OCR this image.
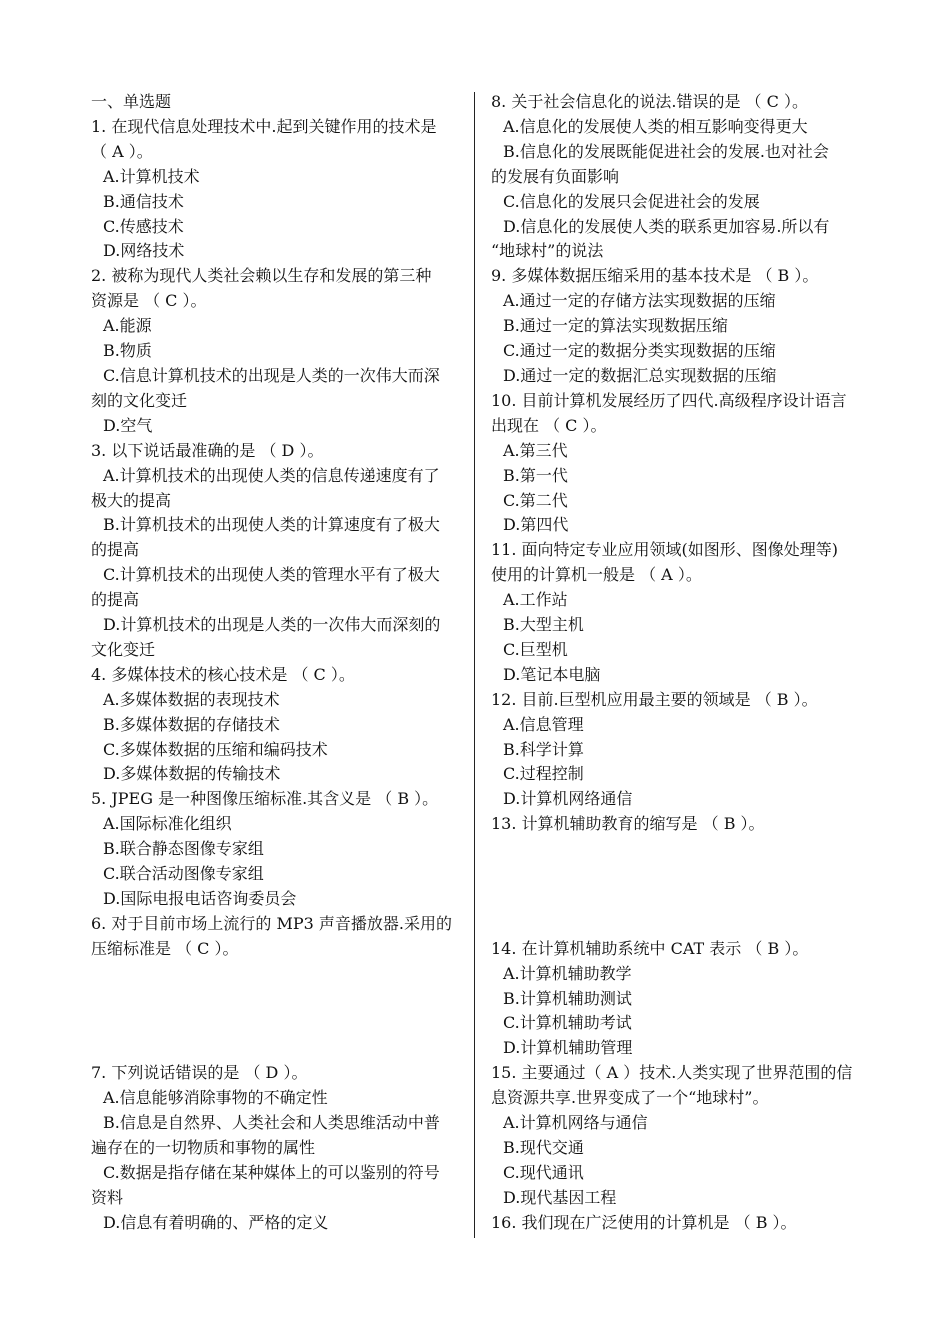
一、单选题
1. 在现代信息处理技术中.起到关键作用的技术是
（ A ）。
A.计算机技术
B.通信技术
C.传感技术
D.网络技术
2. 被称为现代人类社会赖以生存和发展的第三种
资源是 （ C ）。
A.能源
B.物质
C.信息计算机技术的出现是人类的一次伟大而深
刻的文化变迁
D.空气
3. 以下说话最准确的是 （ D ）。
A.计算机技术的出现使人类的信息传递速度有了
极大的提高
B.计算机技术的出现使人类的计算速度有了极大
的提高
C.计算机技术的出现使人类的管理水平有了极大
的提高
D.计算机技术的出现是人类的一次伟大而深刻的
文化变迁
4. 多媒体技术的核心技术是 （ C ）。
A.多媒体数据的表现技术
B.多媒体数据的存储技术
C.多媒体数据的压缩和编码技术
D.多媒体数据的传输技术
5. JPEG 是一种图像压缩标准.其含义是 （ B ）。
A.国际标准化组织
B.联合静态图像专家组
C.联合活动图像专家组
D.国际电报电话咨询委员会
6. 对于目前市场上流行的 MP3 声音播放器.采用的
压缩标准是 （ C ）。
7. 下列说话错误的是 （ D ）。
A.信息能够消除事物的不确定性
B.信息是自然界、人类社会和人类思维活动中普
遍存在的一切物质和事物的属性
C.数据是指存储在某种媒体上的可以鉴别的符号
资料
D.信息有着明确的、严格的定义
8. 关于社会信息化的说法.错误的是 （ C ）。
A.信息化的发展使人类的相互影响变得更大
B.信息化的发展既能促进社会的发展.也对社会
的发展有负面影响
C.信息化的发展只会促进社会的发展
D.信息化的发展使人类的联系更加容易.所以有
“地球村”的说法
9. 多媒体数据压缩采用的基本技术是 （ B ）。
A.通过一定的存储方法实现数据的压缩
B.通过一定的算法实现数据压缩
C.通过一定的数据分类实现数据的压缩
D.通过一定的数据汇总实现数据的压缩
10. 目前计算机发展经历了四代.高级程序设计语言
出现在 （ C ）。
A.第三代
B.第一代
C.第二代
D.第四代
11. 面向特定专业应用领域(如图形、图像处理等)
使用的计算机一般是 （ A ）。
A.工作站
B.大型主机
C.巨型机
D.笔记本电脑
12. 目前.巨型机应用最主要的领域是 （ B ）。
A.信息管理
B.科学计算
C.过程控制
D.计算机网络通信
13. 计算机辅助教育的缩写是 （ B ）。
14. 在计算机辅助系统中 CAT 表示 （ B ）。
A.计算机辅助教学
B.计算机辅助测试
C.计算机辅助考试
D.计算机辅助管理
15. 主要通过（ A ）技术.人类实现了世界范围的信
息资源共享.世界变成了一个“地球村”。
A.计算机网络与通信
B.现代交通
C.现代通讯
D.现代基因工程
16. 我们现在广泛使用的计算机是 （ B ）。
